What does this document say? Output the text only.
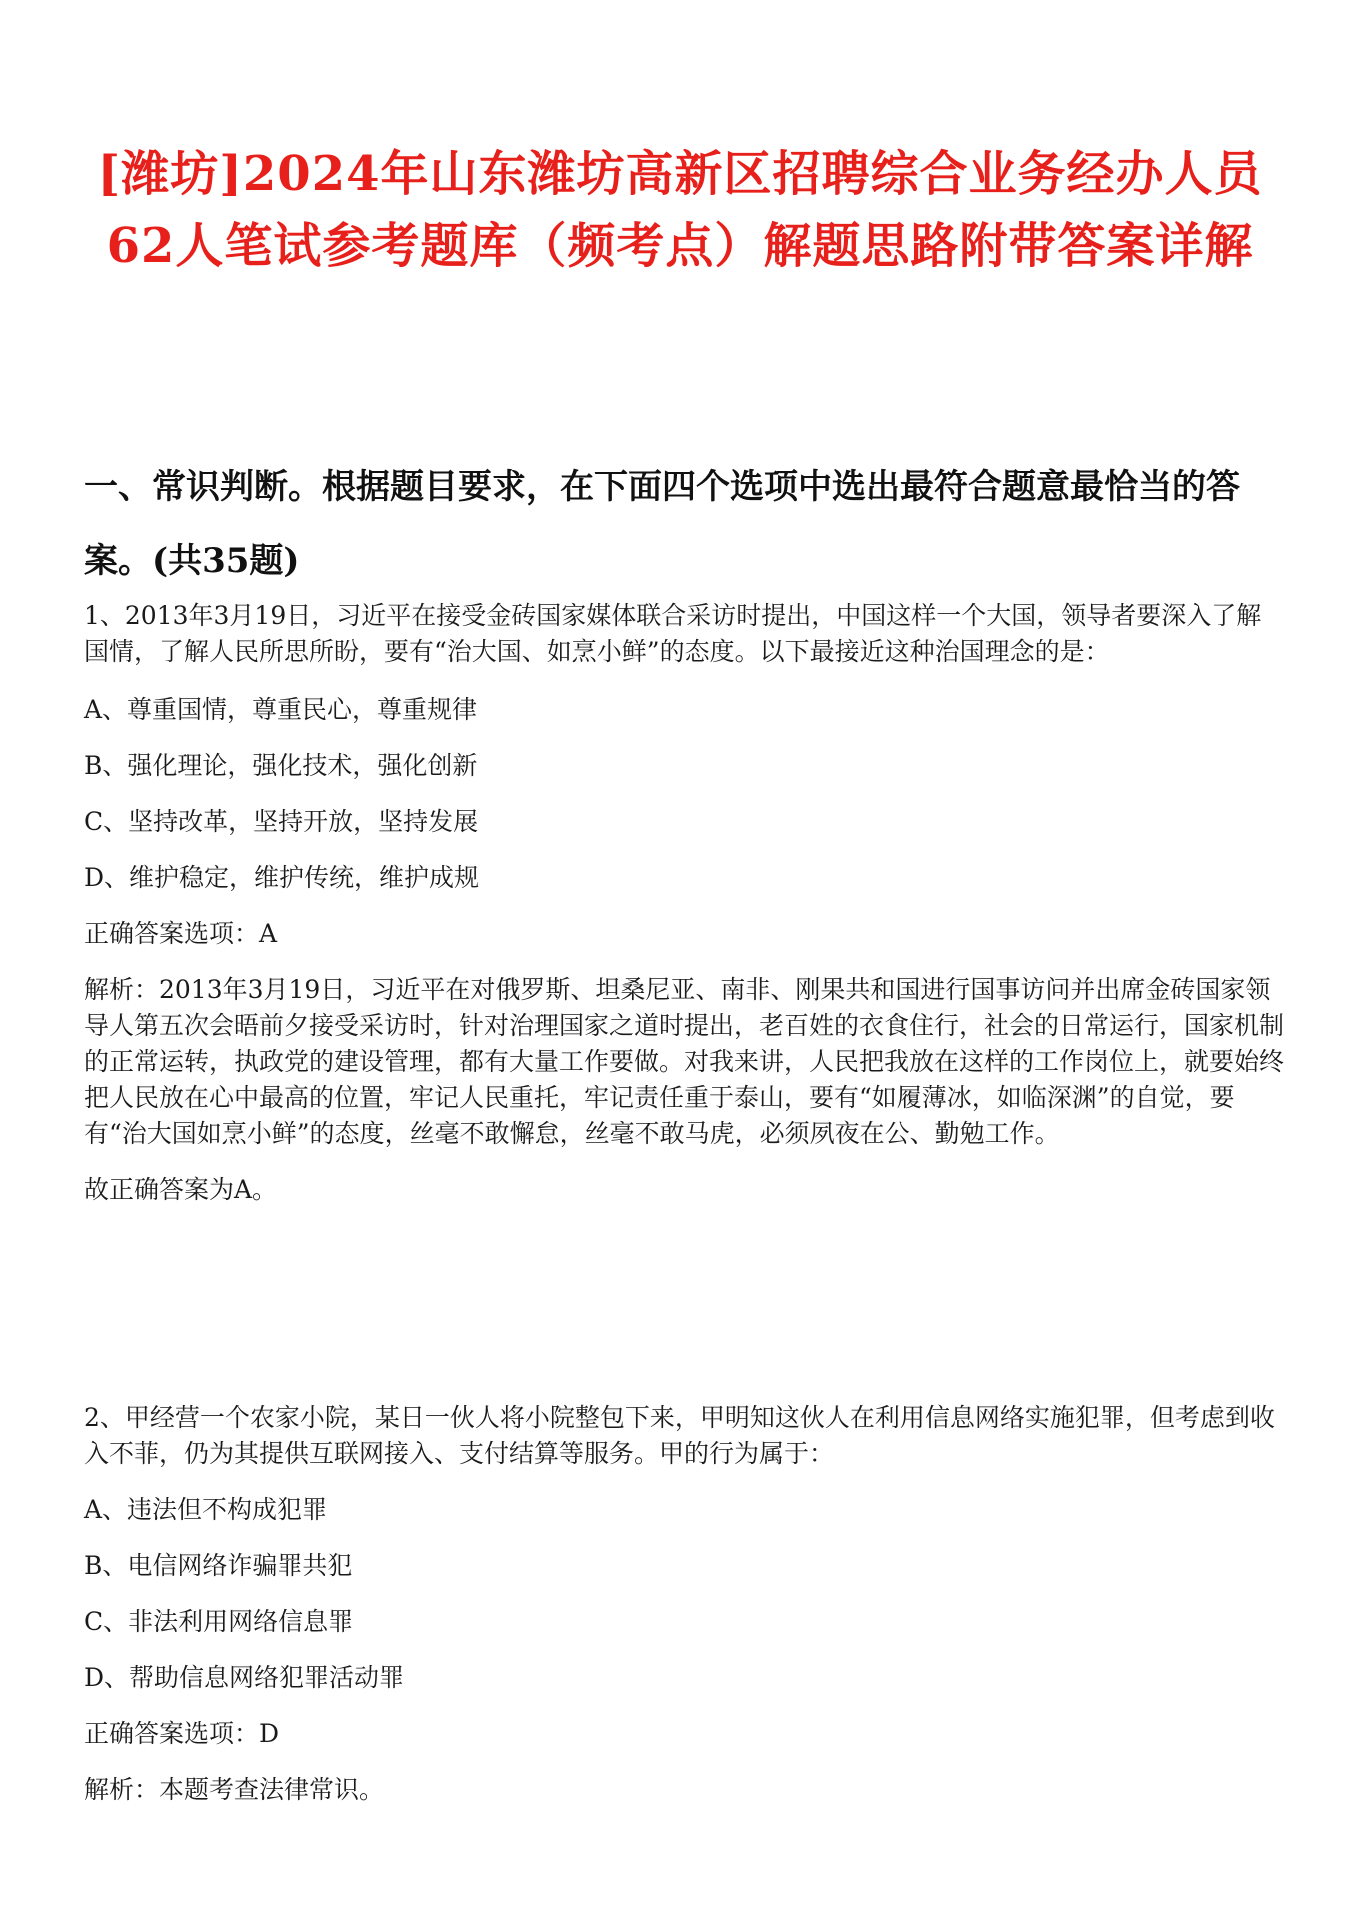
[潍坊]2024年山东潍坊高新区招聘综合业务经办人员62人笔试参考题库（频考点）解题思路附带答案详解
一、常识判断。根据题目要求，在下面四个选项中选出最符合题意最恰当的答案。(共35题)

1、2013年3月19日，习近平在接受金砖国家媒体联合采访时提出，中国这样一个大国，领导者要深入了解国情，了解人民所思所盼，要有“治大国、如烹小鲜”的态度。以下最接近这种治国理念的是：

A、尊重国情，尊重民心，尊重规律

B、强化理论，强化技术，强化创新

C、坚持改革，坚持开放，坚持发展

D、维护稳定，维护传统，维护成规

正确答案选项：A

解析：2013年3月19日，习近平在对俄罗斯、坦桑尼亚、南非、刚果共和国进行国事访问并出席金砖国家领导人第五次会晤前夕接受采访时，针对治理国家之道时提出，老百姓的衣食住行，社会的日常运行，国家机制的正常运转，执政党的建设管理，都有大量工作要做。对我来讲，人民把我放在这样的工作岗位上，就要始终把人民放在心中最高的位置，牢记人民重托，牢记责任重于泰山，要有“如履薄冰，如临深渊”的自觉，要有“治大国如烹小鲜”的态度，丝毫不敢懈怠，丝毫不敢马虎，必须夙夜在公、勤勉工作。

故正确答案为A。

2、甲经营一个农家小院，某日一伙人将小院整包下来，甲明知这伙人在利用信息网络实施犯罪，但考虑到收入不菲，仍为其提供互联网接入、支付结算等服务。甲的行为属于：

A、违法但不构成犯罪

B、电信网络诈骗罪共犯

C、非法利用网络信息罪

D、帮助信息网络犯罪活动罪

正确答案选项：D

解析：本题考查法律常识。
